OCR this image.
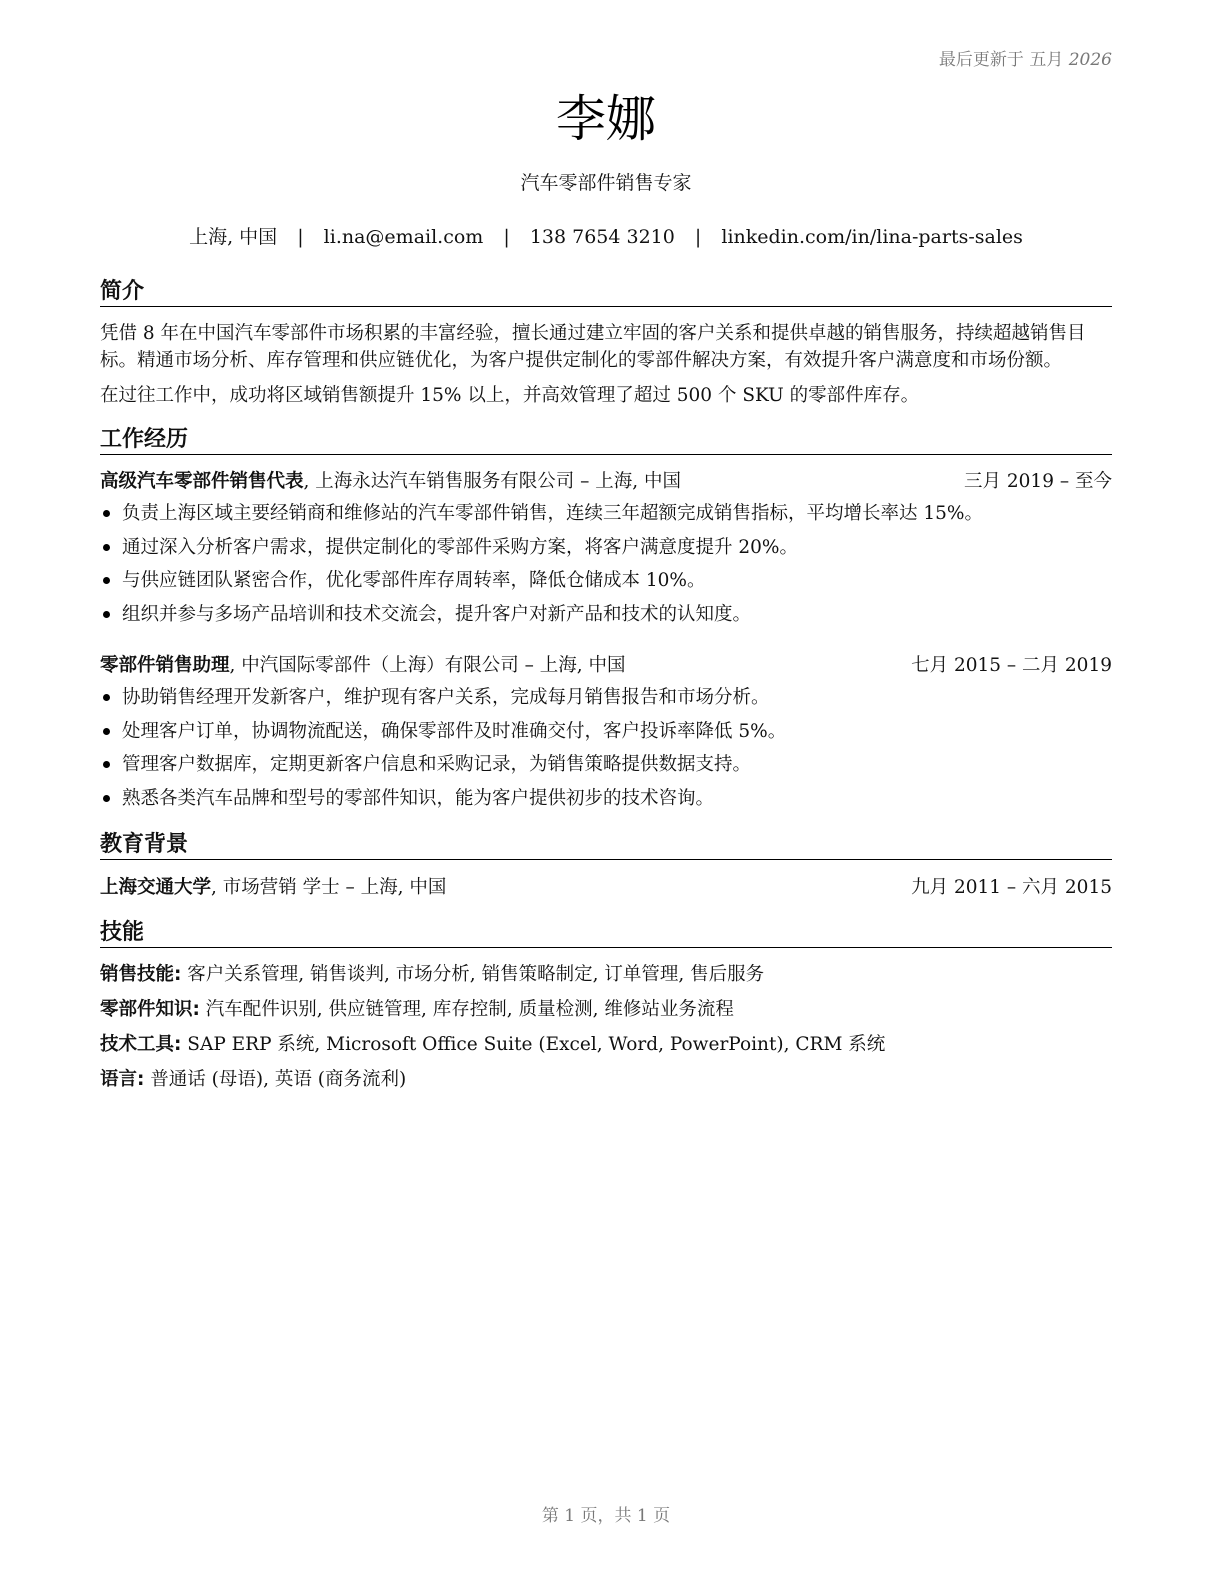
最后更新于 五月 2026
李娜
汽车零部件销售专家
上海, 中国 | li.na@email.com | 138 7654 3210 | linkedin.com/in/lina-parts-sales
简介
凭借 8 年在中国汽车零部件市场积累的丰富经验，擅长通过建立牢固的客户关系和提供卓越的销售服务，持续超越销售目标。精通市场分析、库存管理和供应链优化，为客户提供定制化的零部件解决方案，有效提升客户满意度和市场份额。
在过往工作中，成功将区域销售额提升 15% 以上，并高效管理了超过 500 个 SKU 的零部件库存。
工作经历
高级汽车零部件销售代表, 上海永达汽车销售服务有限公司 – 上海, 中国	三月 2019 – 至今
负责上海区域主要经销商和维修站的汽车零部件销售，连续三年超额完成销售指标，平均增长率达 15%。
通过深入分析客户需求，提供定制化的零部件采购方案，将客户满意度提升 20%。
与供应链团队紧密合作，优化零部件库存周转率，降低仓储成本 10%。
组织并参与多场产品培训和技术交流会，提升客户对新产品和技术的认知度。
零部件销售助理, 中汽国际零部件（上海）有限公司 – 上海, 中国	七月 2015 – 二月 2019
协助销售经理开发新客户，维护现有客户关系，完成每月销售报告和市场分析。
处理客户订单，协调物流配送，确保零部件及时准确交付，客户投诉率降低 5%。
管理客户数据库，定期更新客户信息和采购记录，为销售策略提供数据支持。
熟悉各类汽车品牌和型号的零部件知识，能为客户提供初步的技术咨询。
教育背景
上海交通大学, 市场营销 学士 – 上海, 中国	九月 2011 – 六月 2015
技能
销售技能: 客户关系管理, 销售谈判, 市场分析, 销售策略制定, 订单管理, 售后服务
零部件知识: 汽车配件识别, 供应链管理, 库存控制, 质量检测, 维修站业务流程
技术工具: SAP ERP 系统, Microsoft Office Suite (Excel, Word, PowerPoint), CRM 系统
语言: 普通话 (母语), 英语 (商务流利)
第 1 页，共 1 页
